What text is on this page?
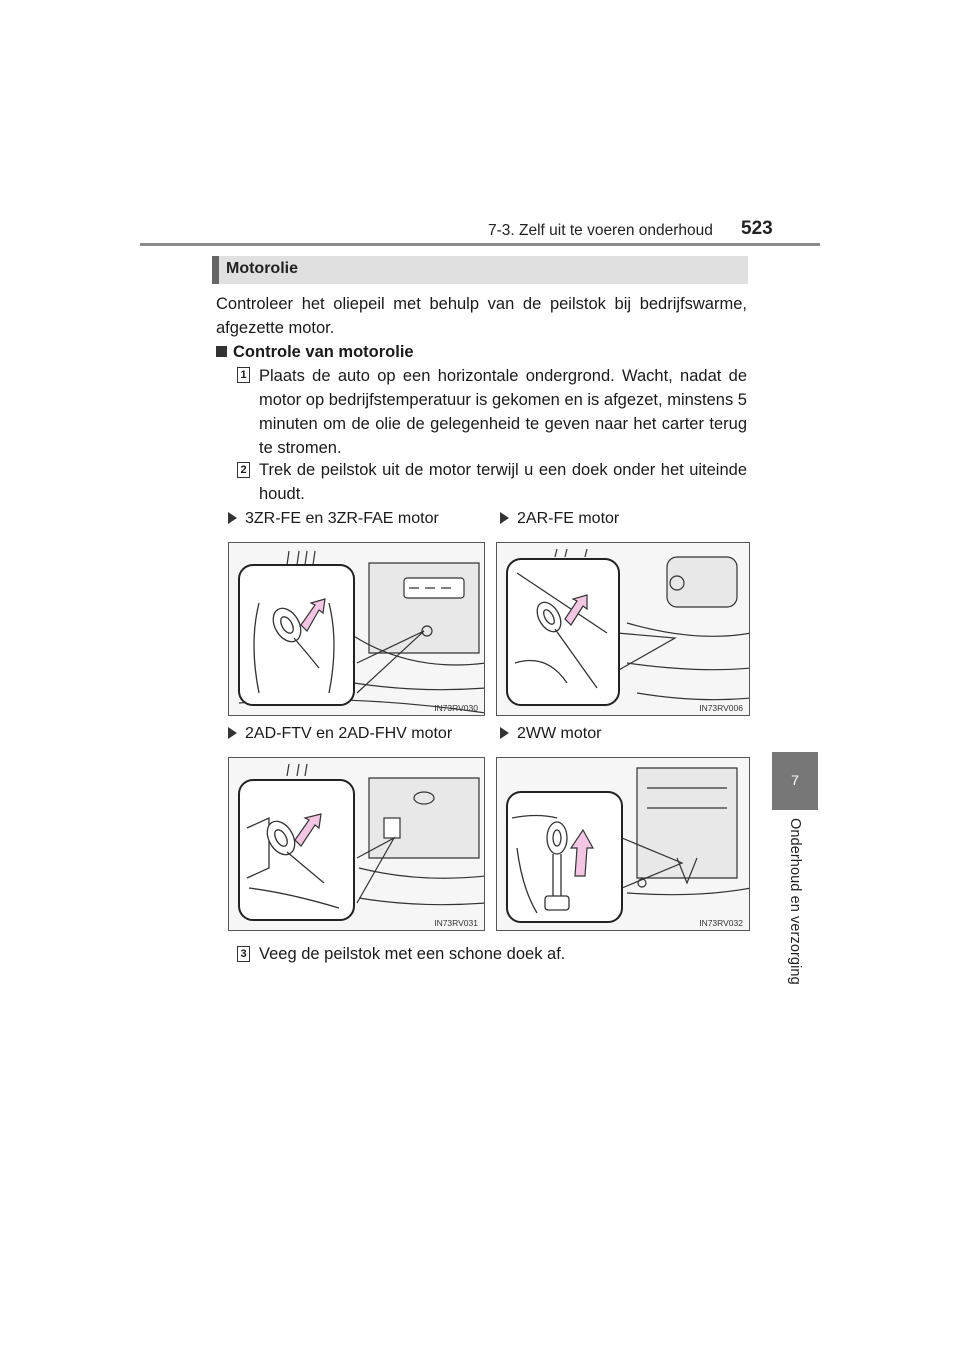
7-3. Zelf uit te voeren onderhoud 523
7
Onderhoud en verzorging
Motorolie
Controleer het oliepeil met behulp van de peilstok bij bedrijfswarme, afgezette motor.
Controle van motorolie
1 Plaats de auto op een horizontale ondergrond. Wacht, nadat de motor op bedrijfstemperatuur is gekomen en is afgezet, minstens 5 minuten om de olie de gelegenheid te geven naar het carter terug te stromen.
2 Trek de peilstok uit de motor terwijl u een doek onder het uiteinde houdt.
3ZR-FE en 3ZR-FAE motor	2AR-FE motor
IN73RV030	IN73RV006
2AD-FTV en 2AD-FHV motor	2WW motor
IN73RV031	IN73RV032
3 Veeg de peilstok met een schone doek af.
